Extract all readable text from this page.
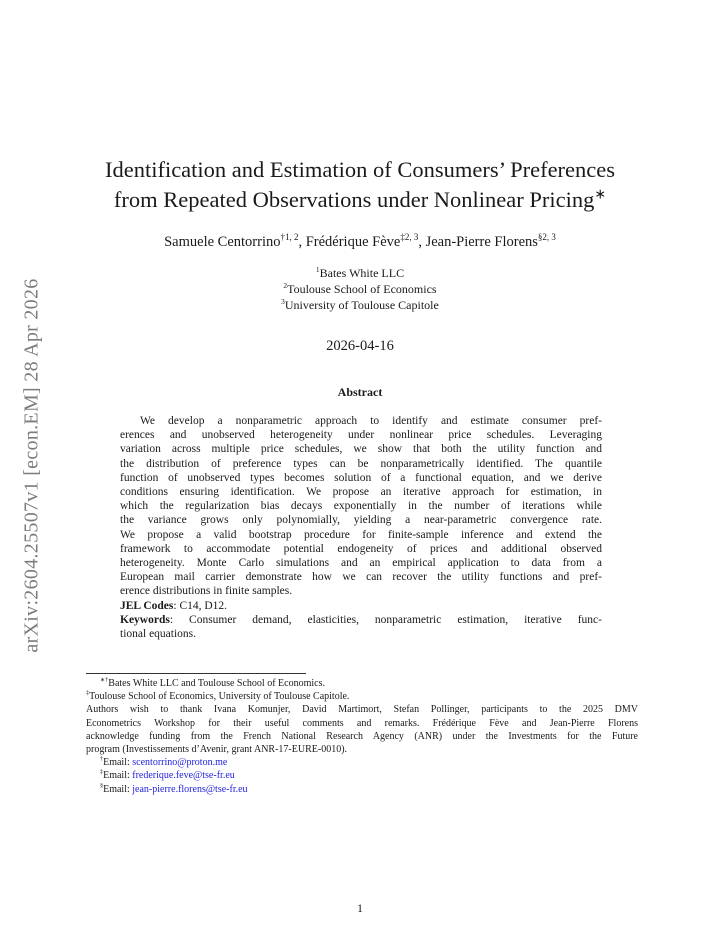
arXiv:2604.25507v1 [econ.EM] 28 Apr 2026
Identification and Estimation of Consumers’ Preferences
from Repeated Observations under Nonlinear Pricing∗
Samuele Centorrino$^{\dagger 1, 2}$, Frédérique Fève$^{\ddagger 2, 3}$, Jean-Pierre Florens$^{\S 2, 3}$
$^1$Bates White LLC
$^2$Toulouse School of Economics
$^3$University of Toulouse Capitole
2026-04-16
Abstract
We develop a nonparametric approach to identify and estimate consumer pref-
erences and unobserved heterogeneity under nonlinear price schedules. Leveraging
variation across multiple price schedules, we show that both the utility function and
the distribution of preference types can be nonparametrically identified. The quantile
function of unobserved types becomes solution of a functional equation, and we derive
conditions ensuring identification. We propose an iterative approach for estimation, in
which the regularization bias decays exponentially in the number of iterations while
the variance grows only polynomially, yielding a near-parametric convergence rate.
We propose a valid bootstrap procedure for finite-sample inference and extend the
framework to accommodate potential endogeneity of prices and additional observed
heterogeneity. Monte Carlo simulations and an empirical application to data from a
European mail carrier demonstrate how we can recover the utility functions and pref-
erence distributions in finite samples.
JEL Codes: C14, D12.
Keywords: Consumer demand, elasticities, nonparametric estimation, iterative func-
tional equations.
∗†Bates White LLC and Toulouse School of Economics.
‡Toulouse School of Economics, University of Toulouse Capitole.
Authors wish to thank Ivana Komunjer, David Martimort, Stefan Pollinger, participants to the 2025 DMV
Econometrics Workshop for their useful comments and remarks. Frédérique Fève and Jean-Pierre Florens
acknowledge funding from the French National Research Agency (ANR) under the Investments for the Future
program (Investissements d’Avenir, grant ANR-17-EURE-0010).
†Email: scentorrino@proton.me
‡Email: frederique.feve@tse-fr.eu
§Email: jean-pierre.florens@tse-fr.eu
1
